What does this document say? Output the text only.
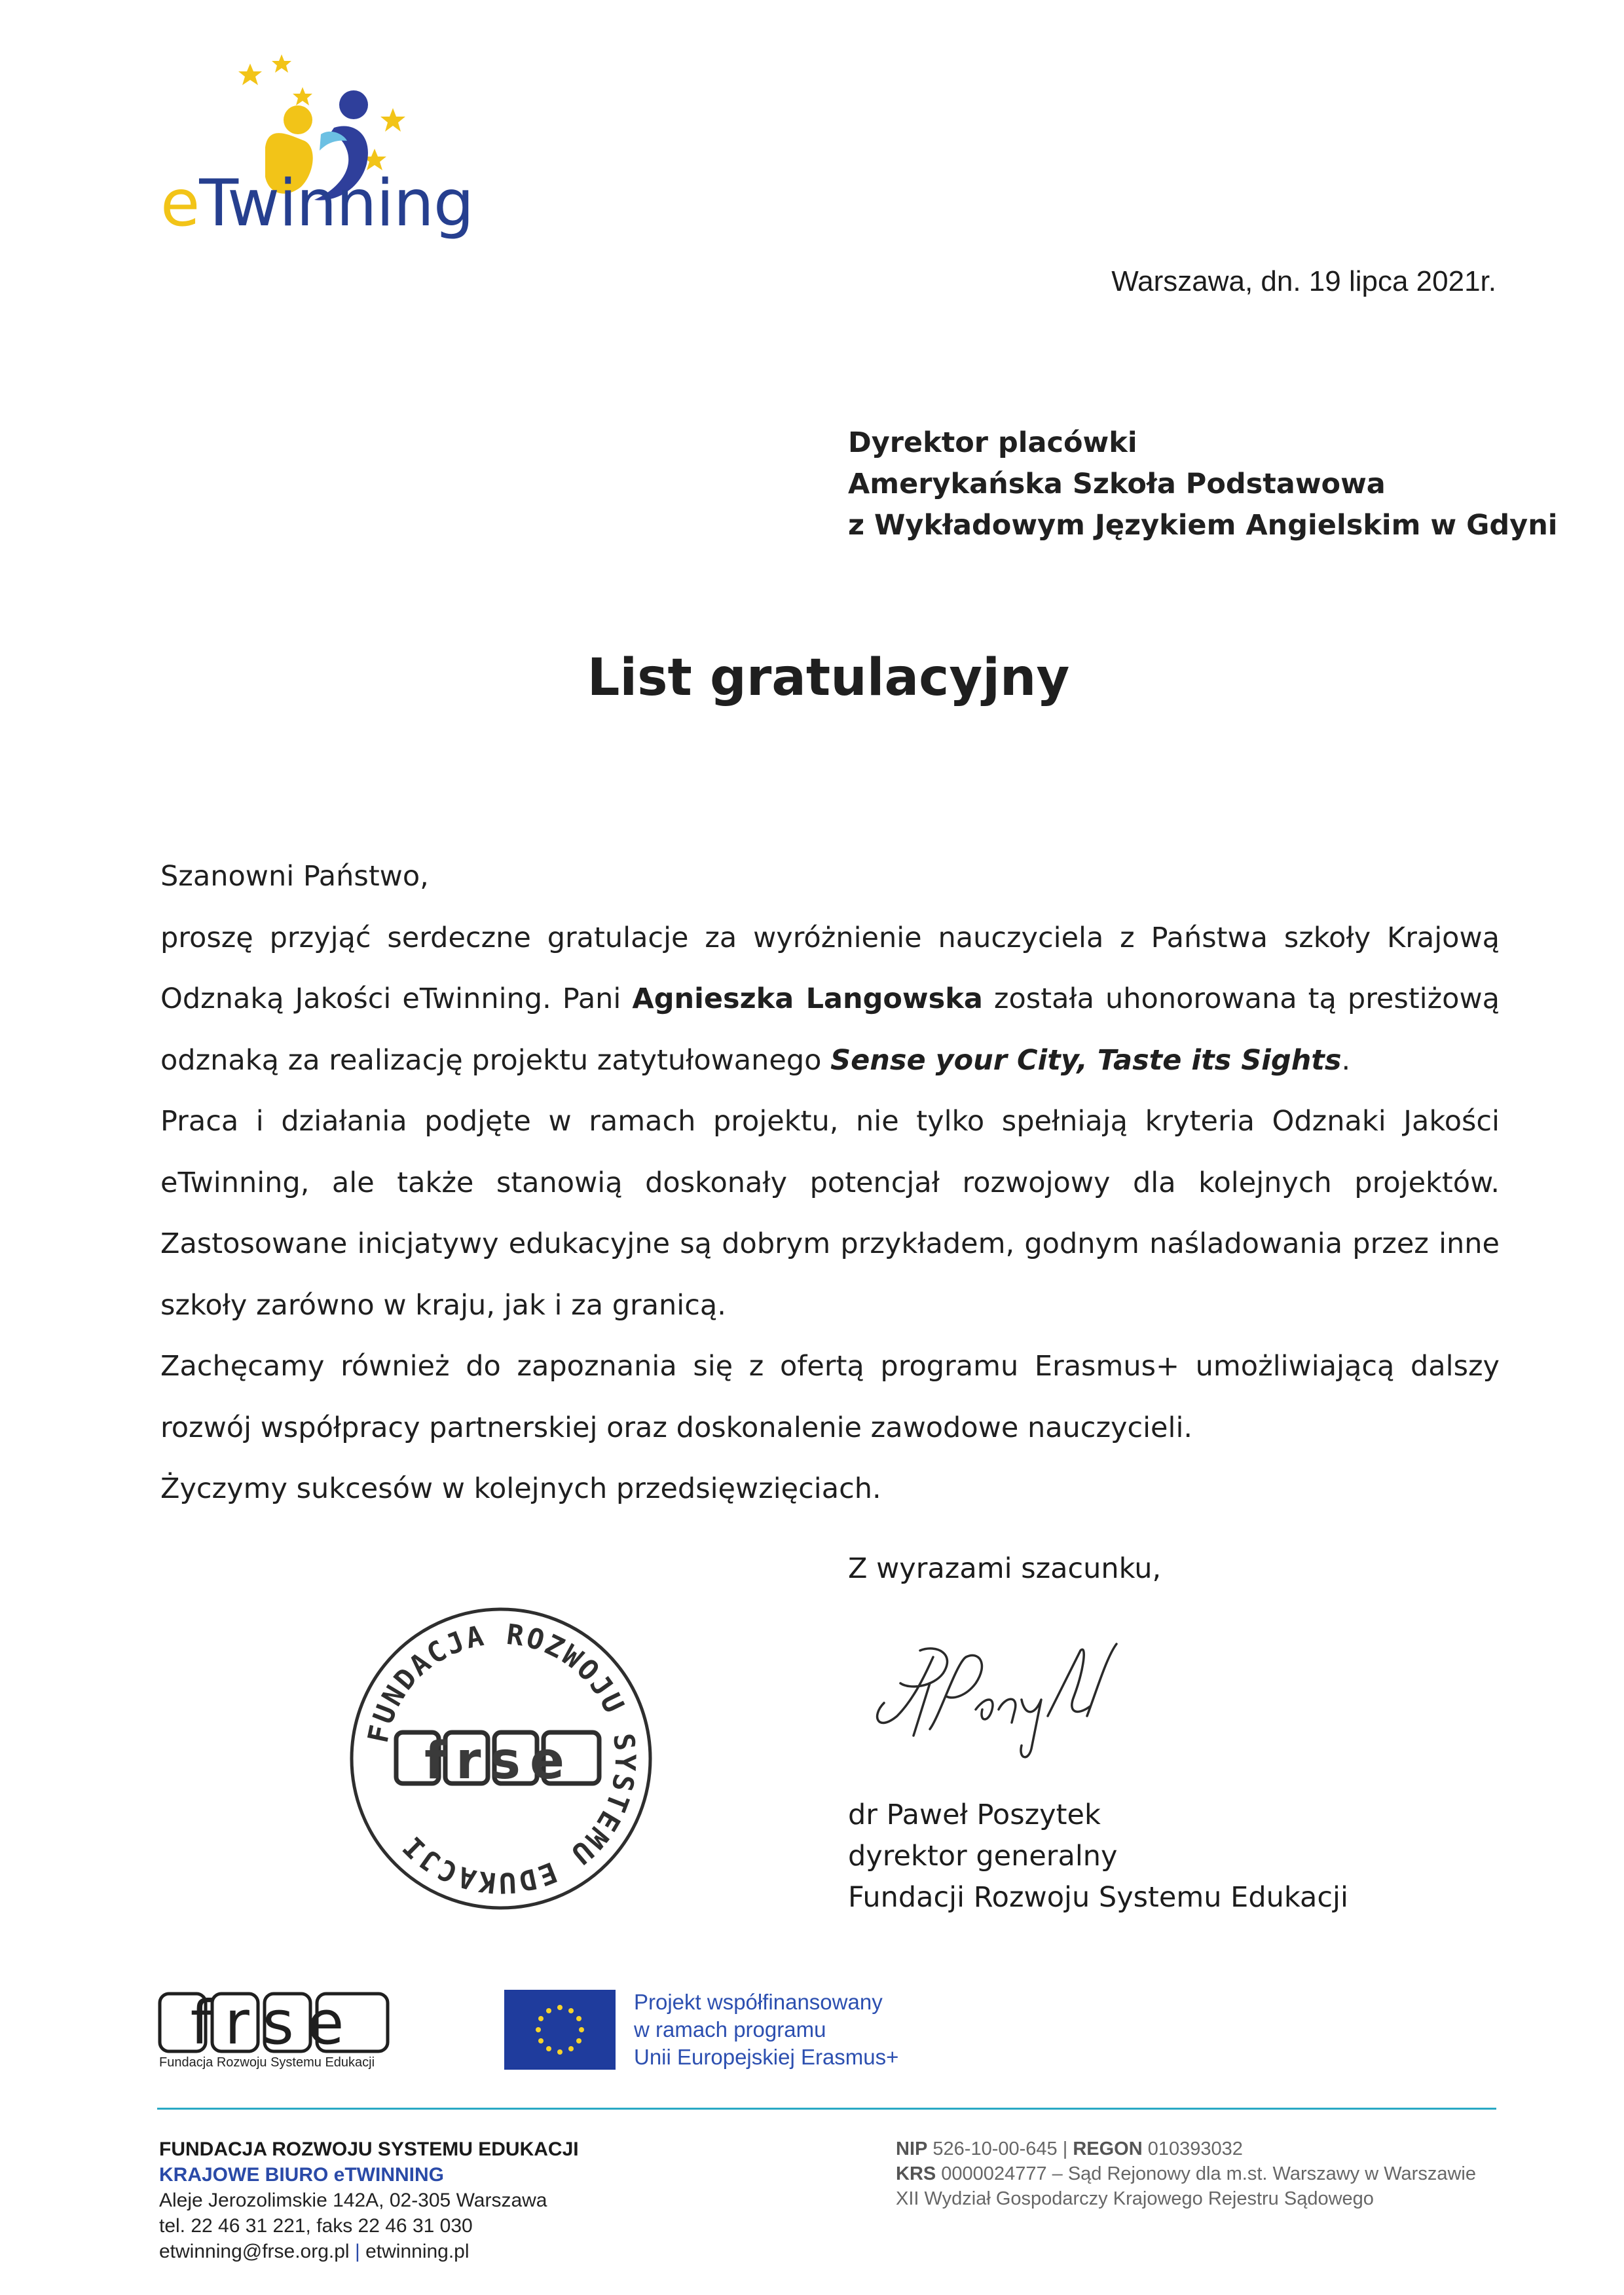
eTwinning
Warszawa, dn. 19 lipca 2021r.
Dyrektor placówki
Amerykańska Szkoła Podstawowa
z Wykładowym Językiem Angielskim w Gdyni
List gratulacyjny

Szanowni Państwo,

proszę przyjąć serdeczne gratulacje za wyróżnienie nauczyciela z Państwa szkoły Krajową Odznaką Jakości eTwinning. Pani Agnieszka Langowska została uhonorowana tą prestiżową odznaką za realizację projektu zatytułowanego Sense your City, Taste its Sights.

Praca i działania podjęte w ramach projektu, nie tylko spełniają kryteria Odznaki Jakości eTwinning, ale także stanowią doskonały potencjał rozwojowy dla kolejnych projektów. Zastosowane inicjatywy edukacyjne są dobrym przykładem, godnym naśladowania przez inne szkoły zarówno w kraju, jak i za granicą.

Zachęcamy również do zapoznania się z ofertą programu Erasmus+ umożliwiającą dalszy rozwój współpracy partnerskiej oraz doskonalenie zawodowe nauczycieli.

Życzymy sukcesów w kolejnych przedsięwzięciach.

Z wyrazami szacunku,
dr Paweł Poszytek
dyrektor generalny
Fundacji Rozwoju Systemu Edukacji
FUNDACJA ROZWOJU SYSTEMU EDUKACJI
frse
frse
Fundacja Rozwoju Systemu Edukacji
Projekt współfinansowany
w ramach programu
Unii Europejskiej Erasmus+
FUNDACJA ROZWOJU SYSTEMU EDUKACJI
KRAJOWE BIURO eTWINNING
Aleje Jerozolimskie 142A, 02-305 Warszawa
tel. 22 46 31 221, faks 22 46 31 030
etwinning@frse.org.pl | etwinning.pl
NIP 526-10-00-645 | REGON 010393032
KRS 0000024777 – Sąd Rejonowy dla m.st. Warszawy w Warszawie
XII Wydział Gospodarczy Krajowego Rejestru Sądowego
